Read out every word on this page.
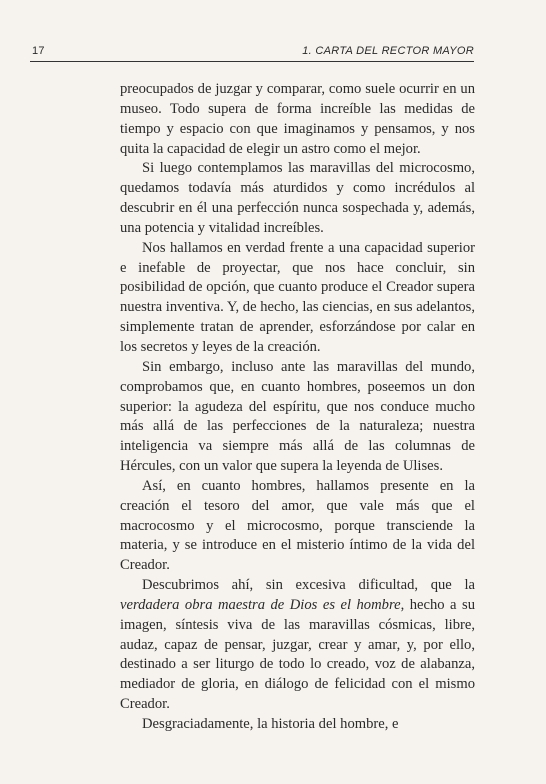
17	1. CARTA DEL RECTOR MAYOR

preocupados de juzgar y comparar, como suele ocurrir en un museo. Todo supera de forma increíble las medidas de tiempo y espacio con que imaginamos y pensamos, y nos quita la capacidad de elegir un astro como el mejor.

Si luego contemplamos las maravillas del microcosmo, quedamos todavía más aturdidos y como incrédulos al descubrir en él una perfección nunca sospechada y, además, una potencia y vitalidad increíbles.

Nos hallamos en verdad frente a una capacidad superior e inefable de proyectar, que nos hace concluir, sin posibilidad de opción, que cuanto produce el Creador supera nuestra inventiva. Y, de hecho, las ciencias, en sus adelantos, simplemente tratan de aprender, esforzándose por calar en los secretos y leyes de la creación.

Sin embargo, incluso ante las maravillas del mundo, comprobamos que, en cuanto hombres, poseemos un don superior: la agudeza del espíritu, que nos conduce mucho más allá de las perfecciones de la naturaleza; nuestra inteligencia va siempre más allá de las columnas de Hércules, con un valor que supera la leyenda de Ulises.

Así, en cuanto hombres, hallamos presente en la creación el tesoro del amor, que vale más que el macrocosmo y el microcosmo, porque transciende la materia, y se introduce en el misterio íntimo de la vida del Creador.

Descubrimos ahí, sin excesiva dificultad, que la verdadera obra maestra de Dios es el hombre, hecho a su imagen, síntesis viva de las maravillas cósmicas, libre, audaz, capaz de pensar, juzgar, crear y amar, y, por ello, destinado a ser liturgo de todo lo creado, voz de alabanza, mediador de gloria, en diálogo de felicidad con el mismo Creador.

Desgraciadamente, la historia del hombre, e
